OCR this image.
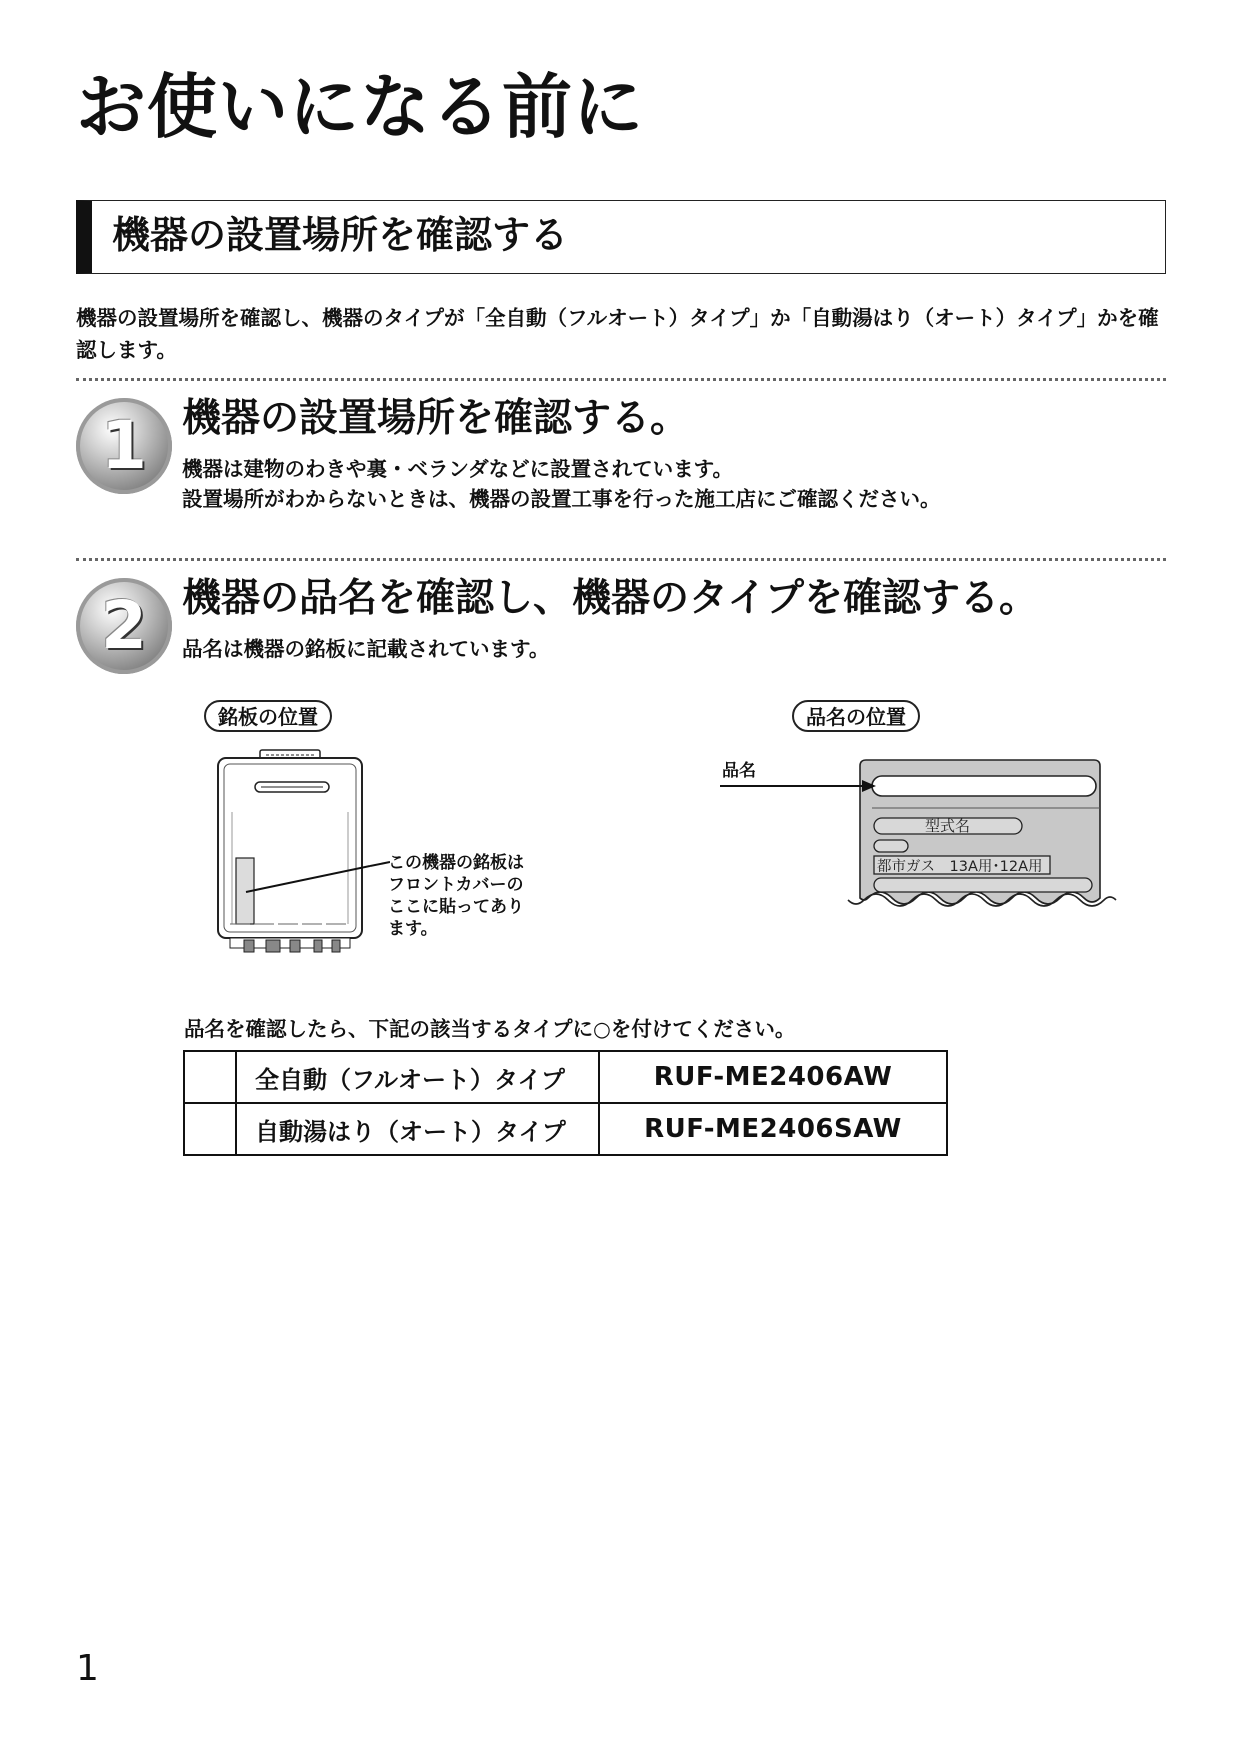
お使いになる前に
機器の設置場所を確認する
機器の設置場所を確認し、機器のタイプが「全自動（フルオート）タイプ」か「自動湯はり（オート）タイプ」かを確認します。
1 機器の設置場所を確認する。
機器は建物のわきや裏・ベランダなどに設置されています。
設置場所がわからないときは、機器の設置工事を行った施工店にご確認ください。
2 機器の品名を確認し、機器のタイプを確認する。
品名は機器の銘板に記載されています。
銘板の位置
この機器の銘板は
フロントカバーの
ここに貼ってあり
ます。
品名の位置
品名
型式名
都市ガス　13A用･12A用
品名を確認したら、下記の該当するタイプに○を付けてください。
	全自動（フルオート）タイプ	RUF-ME2406AW
	自動湯はり（オート）タイプ	RUF-ME2406SAW
1
